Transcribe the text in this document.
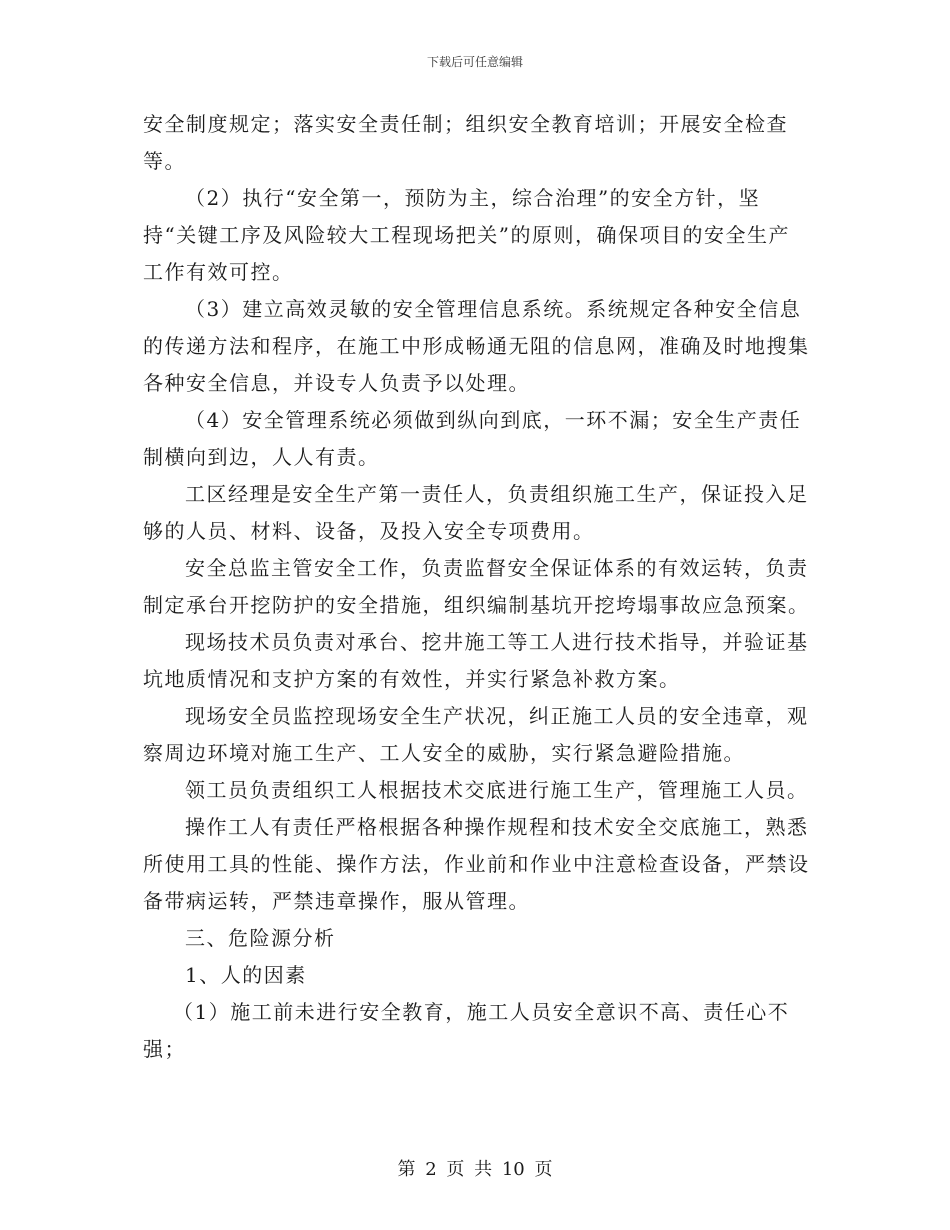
下载后可任意编辑

安全制度规定；落实安全责任制；组织安全教育培训；开展安全检查等。

（2）执行“安全第一，预防为主，综合治理”的安全方针，坚持“关键工序及风险较大工程现场把关”的原则，确保项目的安全生产工作有效可控。

（3）建立高效灵敏的安全管理信息系统。系统规定各种安全信息的传递方法和程序，在施工中形成畅通无阻的信息网，准确及时地搜集各种安全信息，并设专人负责予以处理。

（4）安全管理系统必须做到纵向到底，一环不漏；安全生产责任制横向到边，人人有责。

工区经理是安全生产第一责任人，负责组织施工生产，保证投入足够的人员、材料、设备，及投入安全专项费用。

安全总监主管安全工作，负责监督安全保证体系的有效运转，负责制定承台开挖防护的安全措施，组织编制基坑开挖垮塌事故应急预案。

现场技术员负责对承台、挖井施工等工人进行技术指导，并验证基坑地质情况和支护方案的有效性，并实行紧急补救方案。

现场安全员监控现场安全生产状况，纠正施工人员的安全违章，观察周边环境对施工生产、工人安全的威胁，实行紧急避险措施。

领工员负责组织工人根据技术交底进行施工生产，管理施工人员。

操作工人有责任严格根据各种操作规程和技术安全交底施工，熟悉所使用工具的性能、操作方法，作业前和作业中注意检查设备，严禁设备带病运转，严禁违章操作，服从管理。

三、危险源分析

1、人的因素

（1）施工前未进行安全教育，施工人员安全意识不高、责任心不强；

第 2 页 共 10 页
